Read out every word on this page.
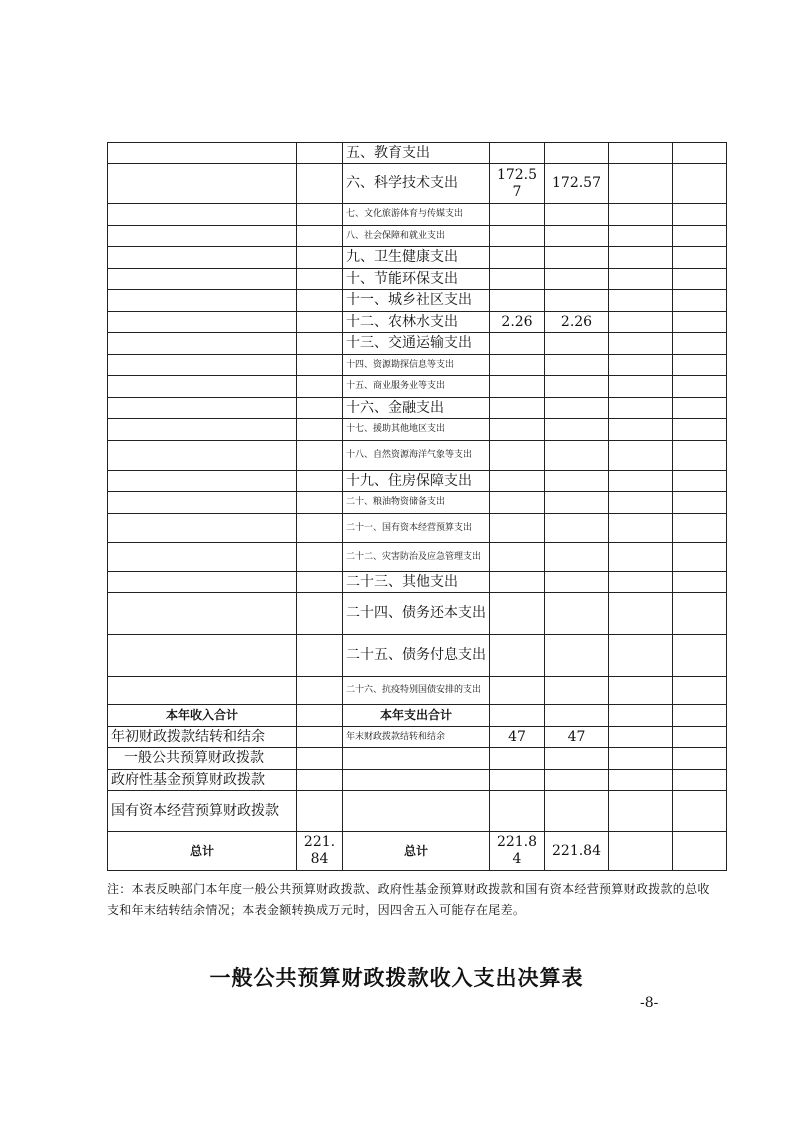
		五、教育支出				
		六、科学技术支出	172.57	172.57		
		七、文化旅游体育与传媒支出				
		八、社会保障和就业支出				
		九、卫生健康支出				
		十、节能环保支出				
		十一、城乡社区支出				
		十二、农林水支出	2.26	2.26		
		十三、交通运输支出				
		十四、资源勘探信息等支出				
		十五、商业服务业等支出				
		十六、金融支出				
		十七、援助其他地区支出				
		十八、自然资源海洋气象等支出				
		十九、住房保障支出				
		二十、粮油物资储备支出				
		二十一、国有资本经营预算支出				
		二十二、灾害防治及应急管理支出				
		二十三、其他支出				
		二十四、债务还本支出				
		二十五、债务付息支出				
		二十六、抗疫特别国债安排的支出				
本年收入合计		本年支出合计				
年初财政拨款结转和结余		年末财政拨款结转和结余	47	47		
一般公共预算财政拨款						
政府性基金预算财政拨款						
国有资本经营预算财政拨款						
总计	221.84	总计	221.84	221.84		
注：本表反映部门本年度一般公共预算财政拨款、政府性基金预算财政拨款和国有资本经营预算财政拨款的总收支和年末结转结余情况；本表金额转换成万元时，因四舍五入可能存在尾差。
一般公共预算财政拨款收入支出决算表
-8-
